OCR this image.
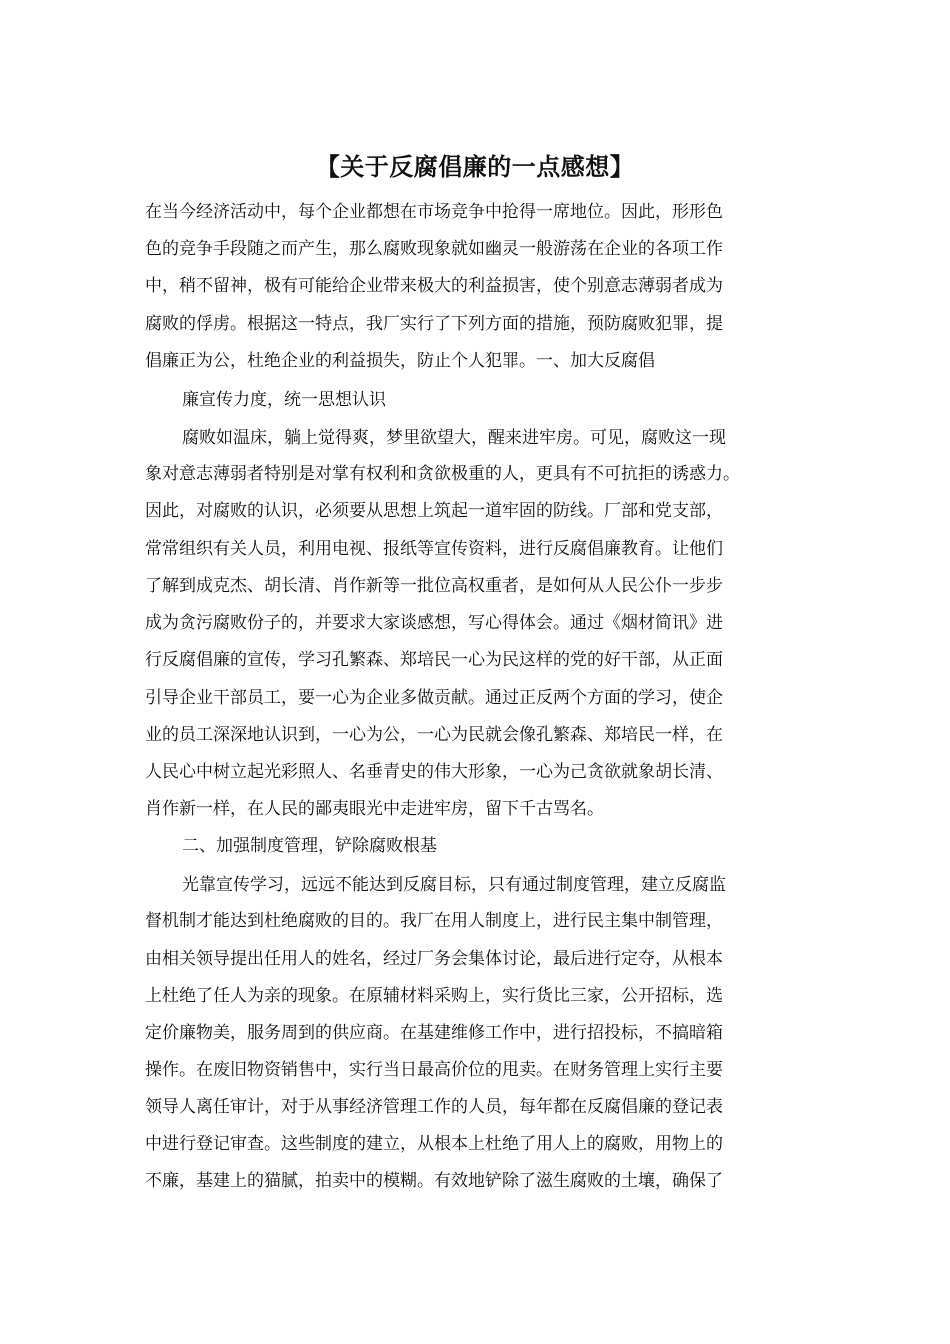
【关于反腐倡廉的一点感想】
在当今经济活动中，每个企业都想在市场竞争中抢得一席地位。因此，形形色
色的竞争手段随之而产生，那么腐败现象就如幽灵一般游荡在企业的各项工作
中，稍不留神，极有可能给企业带来极大的利益损害，使个别意志薄弱者成为
腐败的俘虏。根据这一特点，我厂实行了下列方面的措施，预防腐败犯罪，提
倡廉正为公，杜绝企业的利益损失，防止个人犯罪。一、加大反腐倡
廉宣传力度，统一思想认识
腐败如温床，躺上觉得爽，梦里欲望大，醒来进牢房。可见，腐败这一现
象对意志薄弱者特别是对掌有权利和贪欲极重的人，更具有不可抗拒的诱惑力。
因此，对腐败的认识，必须要从思想上筑起一道牢固的防线。厂部和党支部，
常常组织有关人员，利用电视、报纸等宣传资料，进行反腐倡廉教育。让他们
了解到成克杰、胡长清、肖作新等一批位高权重者，是如何从人民公仆一步步
成为贪污腐败份子的，并要求大家谈感想，写心得体会。通过《烟材简讯》进
行反腐倡廉的宣传，学习孔繁森、郑培民一心为民这样的党的好干部，从正面
引导企业干部员工，要一心为企业多做贡献。通过正反两个方面的学习，使企
业的员工深深地认识到，一心为公，一心为民就会像孔繁森、郑培民一样，在
人民心中树立起光彩照人、名垂青史的伟大形象，一心为己贪欲就象胡长清、
肖作新一样，在人民的鄙夷眼光中走进牢房，留下千古骂名。
二、加强制度管理，铲除腐败根基
光靠宣传学习，远远不能达到反腐目标，只有通过制度管理，建立反腐监
督机制才能达到杜绝腐败的目的。我厂在用人制度上，进行民主集中制管理，
由相关领导提出任用人的姓名，经过厂务会集体讨论，最后进行定夺，从根本
上杜绝了任人为亲的现象。在原辅材料采购上，实行货比三家，公开招标，选
定价廉物美，服务周到的供应商。在基建维修工作中，进行招投标，不搞暗箱
操作。在废旧物资销售中，实行当日最高价位的甩卖。在财务管理上实行主要
领导人离任审计，对于从事经济管理工作的人员，每年都在反腐倡廉的登记表
中进行登记审查。这些制度的建立，从根本上杜绝了用人上的腐败，用物上的
不廉，基建上的猫腻，拍卖中的模糊。有效地铲除了滋生腐败的土壤，确保了
